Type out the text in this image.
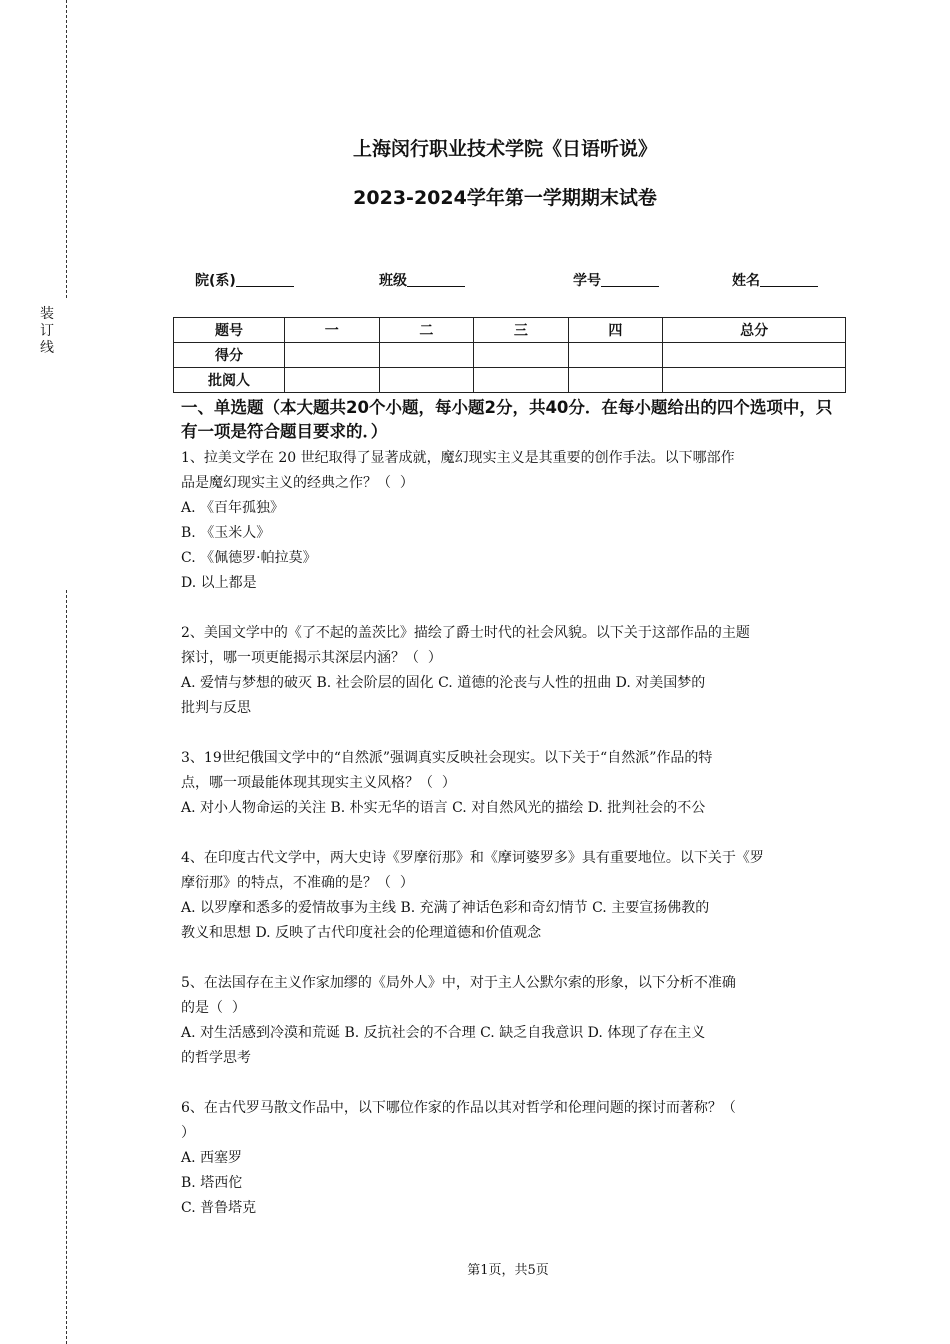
装
订
线
上海闵行职业技术学院《日语听说》
2023-2024学年第一学期期末试卷
院(系)	班级	学号	姓名
题号	一	二	三	四	总分
得分					
批阅人					
一、单选题（本大题共20个小题，每小题2分，共40分．在每小题给出的四个选项中，只有一项是符合题目要求的．）
1、拉美文学在 20 世纪取得了显著成就，魔幻现实主义是其重要的创作手法。以下哪部作
品是魔幻现实主义的经典之作？（  ）
A. 《百年孤独》
B. 《玉米人》
C. 《佩德罗·帕拉莫》
D. 以上都是
2、美国文学中的《了不起的盖茨比》描绘了爵士时代的社会风貌。以下关于这部作品的主题
探讨，哪一项更能揭示其深层内涵？（  ）
A. 爱情与梦想的破灭 B. 社会阶层的固化 C. 道德的沦丧与人性的扭曲 D. 对美国梦的
批判与反思
3、19世纪俄国文学中的“自然派”强调真实反映社会现实。以下关于“自然派”作品的特
点，哪一项最能体现其现实主义风格？（  ）
A. 对小人物命运的关注 B. 朴实无华的语言 C. 对自然风光的描绘 D. 批判社会的不公
4、在印度古代文学中，两大史诗《罗摩衍那》和《摩诃婆罗多》具有重要地位。以下关于《罗
摩衍那》的特点，不准确的是？（  ）
A. 以罗摩和悉多的爱情故事为主线 B. 充满了神话色彩和奇幻情节 C. 主要宣扬佛教的
教义和思想 D. 反映了古代印度社会的伦理道德和价值观念
5、在法国存在主义作家加缪的《局外人》中，对于主人公默尔索的形象，以下分析不准确
的是（  ）
A. 对生活感到冷漠和荒诞 B. 反抗社会的不合理 C. 缺乏自我意识 D. 体现了存在主义
的哲学思考
6、在古代罗马散文作品中，以下哪位作家的作品以其对哲学和伦理问题的探讨而著称？（
）
A. 西塞罗
B. 塔西佗
C. 普鲁塔克
第1页，共5页
